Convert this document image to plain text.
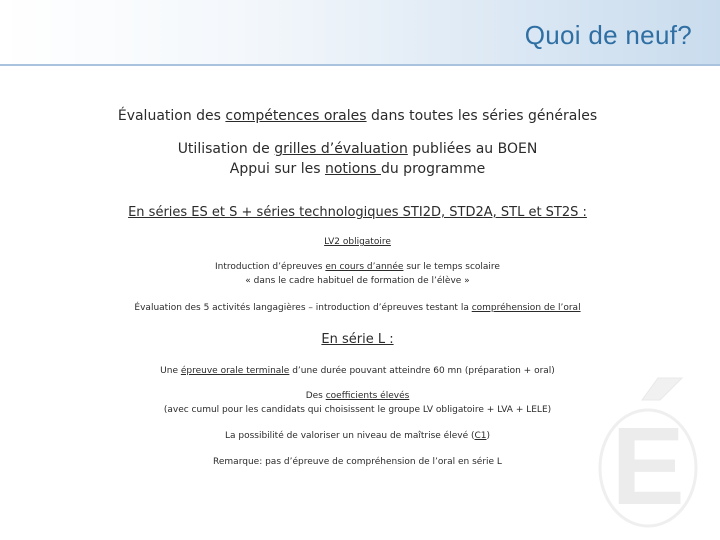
Quoi de neuf?
Évaluation des compétences orales dans toutes les séries générales
Utilisation de grilles d’évaluation publiées au BOEN
Appui sur les notions du programme
En séries ES et S + séries technologiques STI2D, STD2A, STL et ST2S :
LV2 obligatoire
Introduction d’épreuves en cours d’année sur le temps scolaire
« dans le cadre habituel de formation de l’élève »
Évaluation des 5 activités langagières – introduction d’épreuves testant la compréhension de l’oral
En série L :
Une épreuve orale terminale d’une durée pouvant atteindre 60 mn (préparation + oral)
Des coefficients élevés
(avec cumul pour les candidats qui choisissent le groupe LV obligatoire + LVA + LELE)
La possibilité de valoriser un niveau de maîtrise élevé (C1)
Remarque: pas d’épreuve de compréhension de l’oral en série L E
